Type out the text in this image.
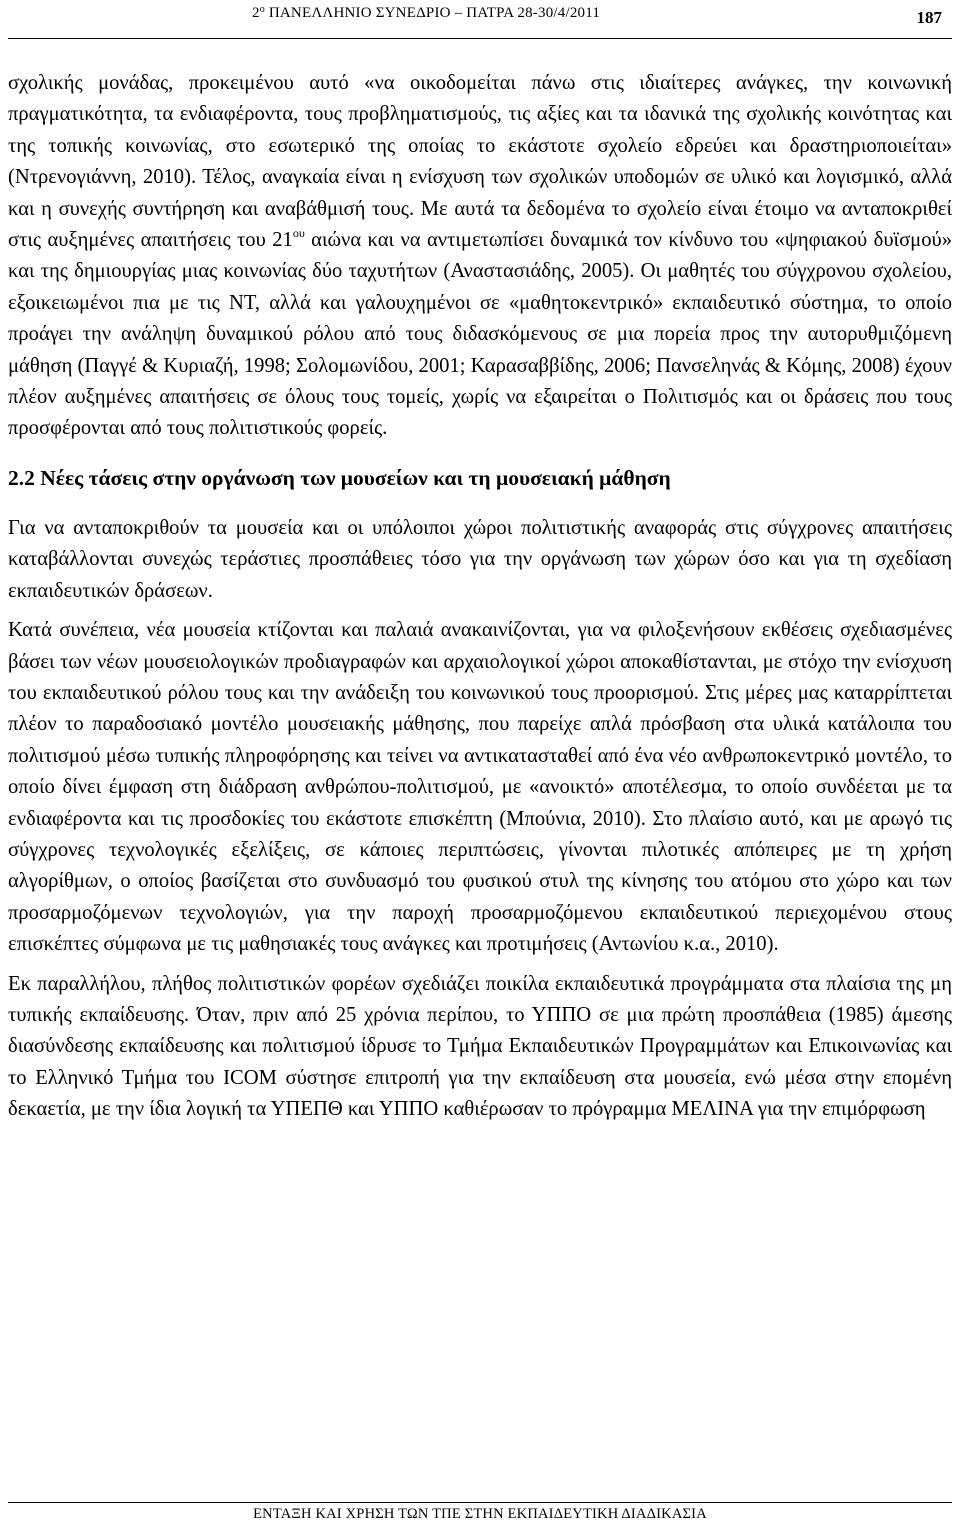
$2^o$ ΠΑΝΕΛΛΗΝΙΟ ΣΥΝΕΔΡΙΟ – ΠΑΤΡΑ 28-30/4/2011	187

σχολικής μονάδας, προκειμένου αυτό «να οικοδομείται πάνω στις ιδιαίτερες ανάγκες, την κοινωνική πραγματικότητα, τα ενδιαφέροντα, τους προβληματισμούς, τις αξίες και τα ιδανικά της σχολικής κοινότητας και της τοπικής κοινωνίας, στο εσωτερικό της οποίας το εκάστοτε σχολείο εδρεύει και δραστηριοποιείται» (Ντρενογιάννη, 2010). Τέλος, αναγκαία είναι η ενίσχυση των σχολικών υποδομών σε υλικό και λογισμικό, αλλά και η συνεχής συντήρηση και αναβάθμισή τους. Με αυτά τα δεδομένα το σχολείο είναι έτοιμο να ανταποκριθεί στις αυξημένες απαιτήσεις του $21^{o\upsilon}$ αιώνα και να αντιμετωπίσει δυναμικά τον κίνδυνο του «ψηφιακού δυϊσμού» και της δημιουργίας μιας κοινωνίας δύο ταχυτήτων (Αναστασιάδης, 2005). Οι μαθητές του σύγχρονου σχολείου, εξοικειωμένοι πια με τις ΝΤ, αλλά και γαλουχημένοι σε «μαθητοκεντρικό» εκπαιδευτικό σύστημα, το οποίο προάγει την ανάληψη δυναμικού ρόλου από τους διδασκόμενους σε μια πορεία προς την αυτορυθμιζόμενη μάθηση (Παγγέ & Κυριαζή, 1998; Σολομωνίδου, 2001; Καρασαββίδης, 2006; Πανσεληνάς & Κόμης, 2008) έχουν πλέον αυξημένες απαιτήσεις σε όλους τους τομείς, χωρίς να εξαιρείται ο Πολιτισμός και οι δράσεις που τους προσφέρονται από τους πολιτιστικούς φορείς.

2.2 Νέες τάσεις στην οργάνωση των μουσείων και τη μουσειακή μάθηση

Για να ανταποκριθούν τα μουσεία και οι υπόλοιποι χώροι πολιτιστικής αναφοράς στις σύγχρονες απαιτήσεις καταβάλλονται συνεχώς τεράστιες προσπάθειες τόσο για την οργάνωση των χώρων όσο και για τη σχεδίαση εκπαιδευτικών δράσεων.

Κατά συνέπεια, νέα μουσεία κτίζονται και παλαιά ανακαινίζονται, για να φιλοξενήσουν εκθέσεις σχεδιασμένες βάσει των νέων μουσειολογικών προδιαγραφών και αρχαιολογικοί χώροι αποκαθίστανται, με στόχο την ενίσχυση του εκπαιδευτικού ρόλου τους και την ανάδειξη του κοινωνικού τους προορισμού. Στις μέρες μας καταρρίπτεται πλέον το παραδοσιακό μοντέλο μουσειακής μάθησης, που παρείχε απλά πρόσβαση στα υλικά κατάλοιπα του πολιτισμού μέσω τυπικής πληροφόρησης και τείνει να αντικατασταθεί από ένα νέο ανθρωποκεντρικό μοντέλο, το οποίο δίνει έμφαση στη διάδραση ανθρώπου-πολιτισμού, με «ανοικτό» αποτέλεσμα, το οποίο συνδέεται με τα ενδιαφέροντα και τις προσδοκίες του εκάστοτε επισκέπτη (Μπούνια, 2010). Στο πλαίσιο αυτό, και με αρωγό τις σύγχρονες τεχνολογικές εξελίξεις, σε κάποιες περιπτώσεις, γίνονται πιλοτικές απόπειρες με τη χρήση αλγορίθμων, ο οποίος βασίζεται στο συνδυασμό του φυσικού στυλ της κίνησης του ατόμου στο χώρο και των προσαρμοζόμενων τεχνολογιών, για την παροχή προσαρμοζόμενου εκπαιδευτικού περιεχομένου στους επισκέπτες σύμφωνα με τις μαθησιακές τους ανάγκες και προτιμήσεις (Αντωνίου κ.α., 2010).

Εκ παραλλήλου, πλήθος πολιτιστικών φορέων σχεδιάζει ποικίλα εκπαιδευτικά προγράμματα στα πλαίσια της μη τυπικής εκπαίδευσης. Όταν, πριν από 25 χρόνια περίπου, το ΥΠΠΟ σε μια πρώτη προσπάθεια (1985) άμεσης διασύνδεσης εκπαίδευσης και πολιτισμού ίδρυσε το Τμήμα Εκπαιδευτικών Προγραμμάτων και Επικοινωνίας και το Ελληνικό Τμήμα του ICOM σύστησε επιτροπή για την εκπαίδευση στα μουσεία, ενώ μέσα στην επομένη δεκαετία, με την ίδια λογική τα ΥΠΕΠΘ και ΥΠΠΟ καθιέρωσαν το πρόγραμμα ΜΕΛΙΝΑ για την επιμόρφωση

ΕΝΤΑΞΗ ΚΑΙ ΧΡΗΣΗ ΤΩΝ ΤΠΕ ΣΤΗΝ ΕΚΠΑΙΔΕΥΤΙΚΗ ΔΙΑΔΙΚΑΣΙΑ
